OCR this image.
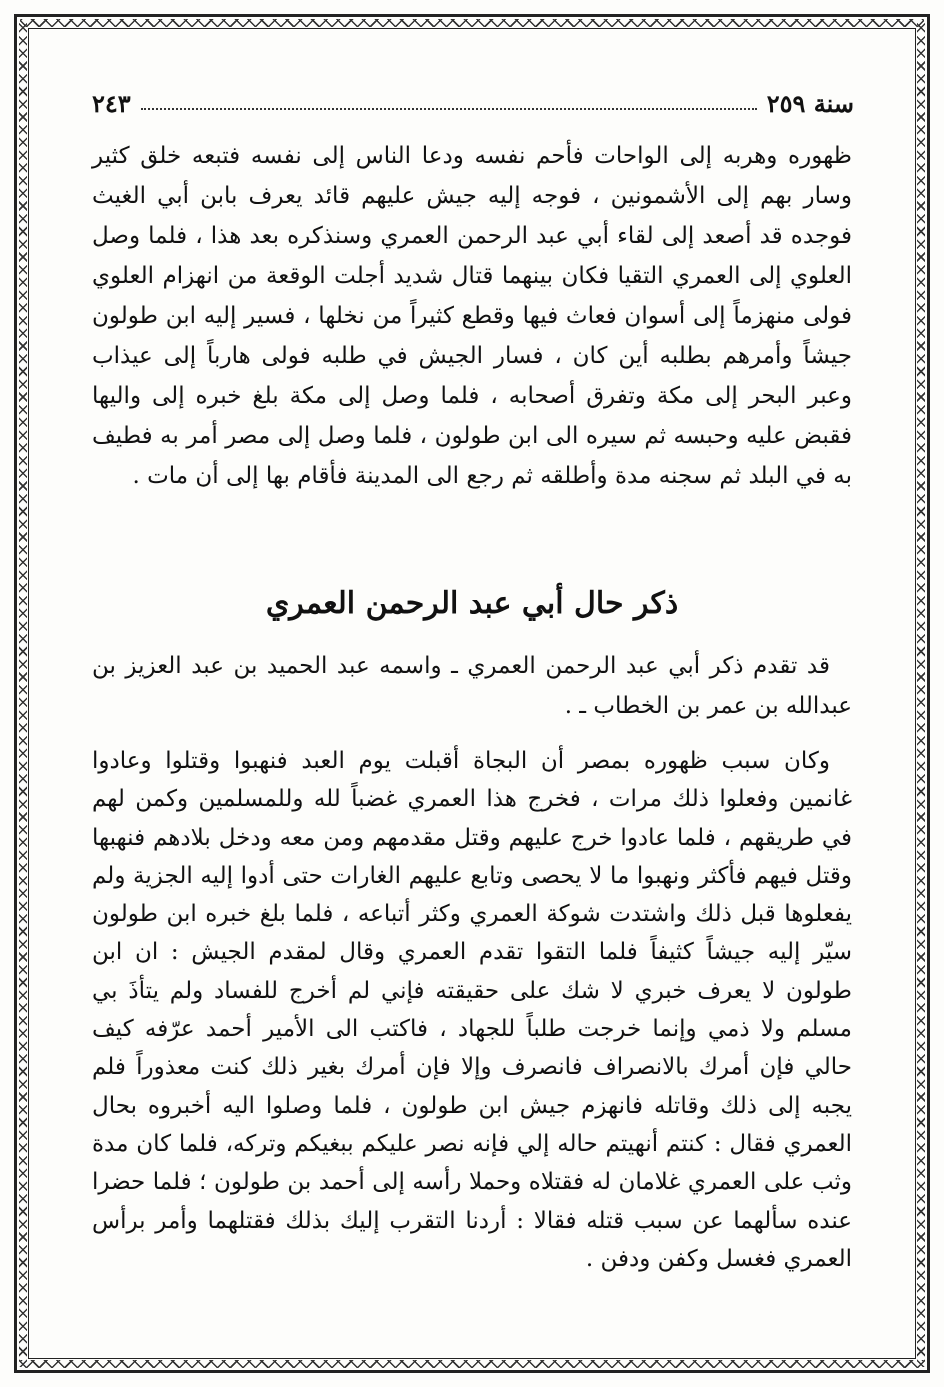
سنة ٢٥٩
٢٤٣

ظهوره وهربه إلى الواحات فأحم نفسه ودعا الناس إلى نفسه فتبعه خلق كثير وسار بهم إلى الأشمونين ، فوجه إليه جيش عليهم قائد يعرف بابن أبي الغيث فوجده قد أصعد إلى لقاء أبي عبد الرحمن العمري وسنذكره بعد هذا ، فلما وصل العلوي إلى العمري التقيا فكان بينهما قتال شديد أجلت الوقعة من انهزام العلوي فولى منهزماً إلى أسوان فعاث فيها وقطع كثيراً من نخلها ، فسير إليه ابن طولون جيشاً وأمرهم بطلبه أين كان ، فسار الجيش في طلبه فولى هارباً إلى عيذاب وعبر البحر إلى مكة وتفرق أصحابه ، فلما وصل إلى مكة بلغ خبره إلى واليها فقبض عليه وحبسه ثم سيره الى ابن طولون ، فلما وصل إلى مصر أمر به فطيف به في البلد ثم سجنه مدة وأطلقه ثم رجع الى المدينة فأقام بها إلى أن مات .

ذكر حال أبي عبد الرحمن العمري

قد تقدم ذكر أبي عبد الرحمن العمري ـ واسمه عبد الحميد بن عبد العزيز بن عبدالله بن عمر بن الخطاب ـ .

وكان سبب ظهوره بمصر أن البجاة أقبلت يوم العبد فنهبوا وقتلوا وعادوا غانمين وفعلوا ذلك مرات ، فخرج هذا العمري غضباً لله وللمسلمين وكمن لهم في طريقهم ، فلما عادوا خرج عليهم وقتل مقدمهم ومن معه ودخل بلادهم فنهبها وقتل فيهم فأكثر ونهبوا ما لا يحصى وتابع عليهم الغارات حتى أدوا إليه الجزية ولم يفعلوها قبل ذلك واشتدت شوكة العمري وكثر أتباعه ، فلما بلغ خبره ابن طولون سيّر إليه جيشاً كثيفاً فلما التقوا تقدم العمري وقال لمقدم الجيش : ان ابن طولون لا يعرف خبري لا شك على حقيقته فإني لم أخرج للفساد ولم يتأذَ بي مسلم ولا ذمي وإنما خرجت طلباً للجهاد ، فاكتب الى الأمير أحمد عرّفه كيف حالي فإن أمرك بالانصراف فانصرف وإلا فإن أمرك بغير ذلك كنت معذوراً فلم يجبه إلى ذلك وقاتله فانهزم جيش ابن طولون ، فلما وصلوا اليه أخبروه بحال العمري فقال : كنتم أنهيتم حاله إلي فإنه نصر عليكم ببغيكم وتركه، فلما كان مدة وثب على العمري غلامان له فقتلاه وحملا رأسه إلى أحمد بن طولون ؛ فلما حضرا عنده سألهما عن سبب قتله فقالا : أردنا التقرب إليك بذلك فقتلهما وأمر برأس العمري فغسل وكفن ودفن .
